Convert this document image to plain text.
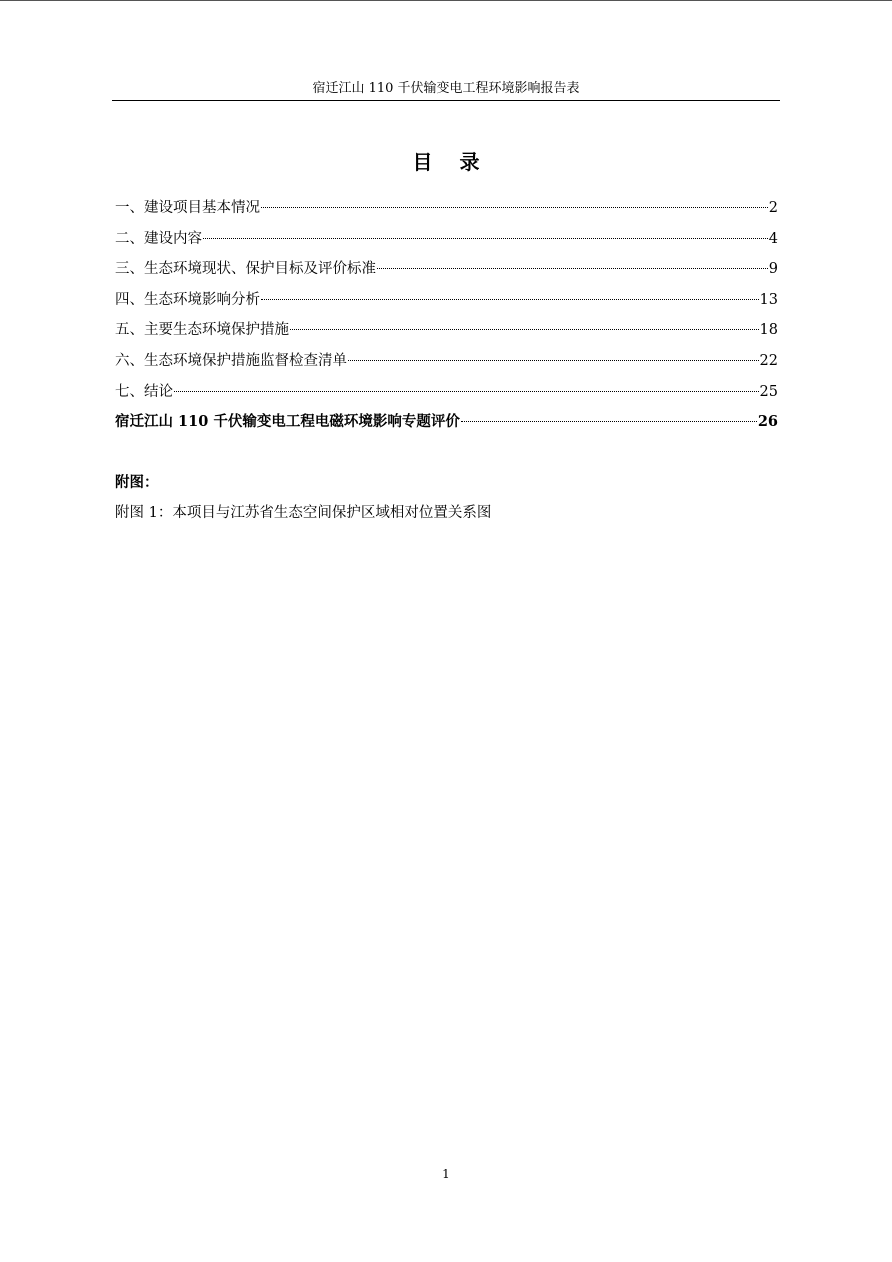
宿迁江山 110 千伏输变电工程环境影响报告表
目 录
一、建设项目基本情况	2
二、建设内容	4
三、生态环境现状、保护目标及评价标准	9
四、生态环境影响分析	13
五、主要生态环境保护措施	18
六、生态环境保护措施监督检查清单	22
七、结论	25
宿迁江山 110 千伏输变电工程电磁环境影响专题评价	26
附图：
附图 1：本项目与江苏省生态空间保护区域相对位置关系图
1
